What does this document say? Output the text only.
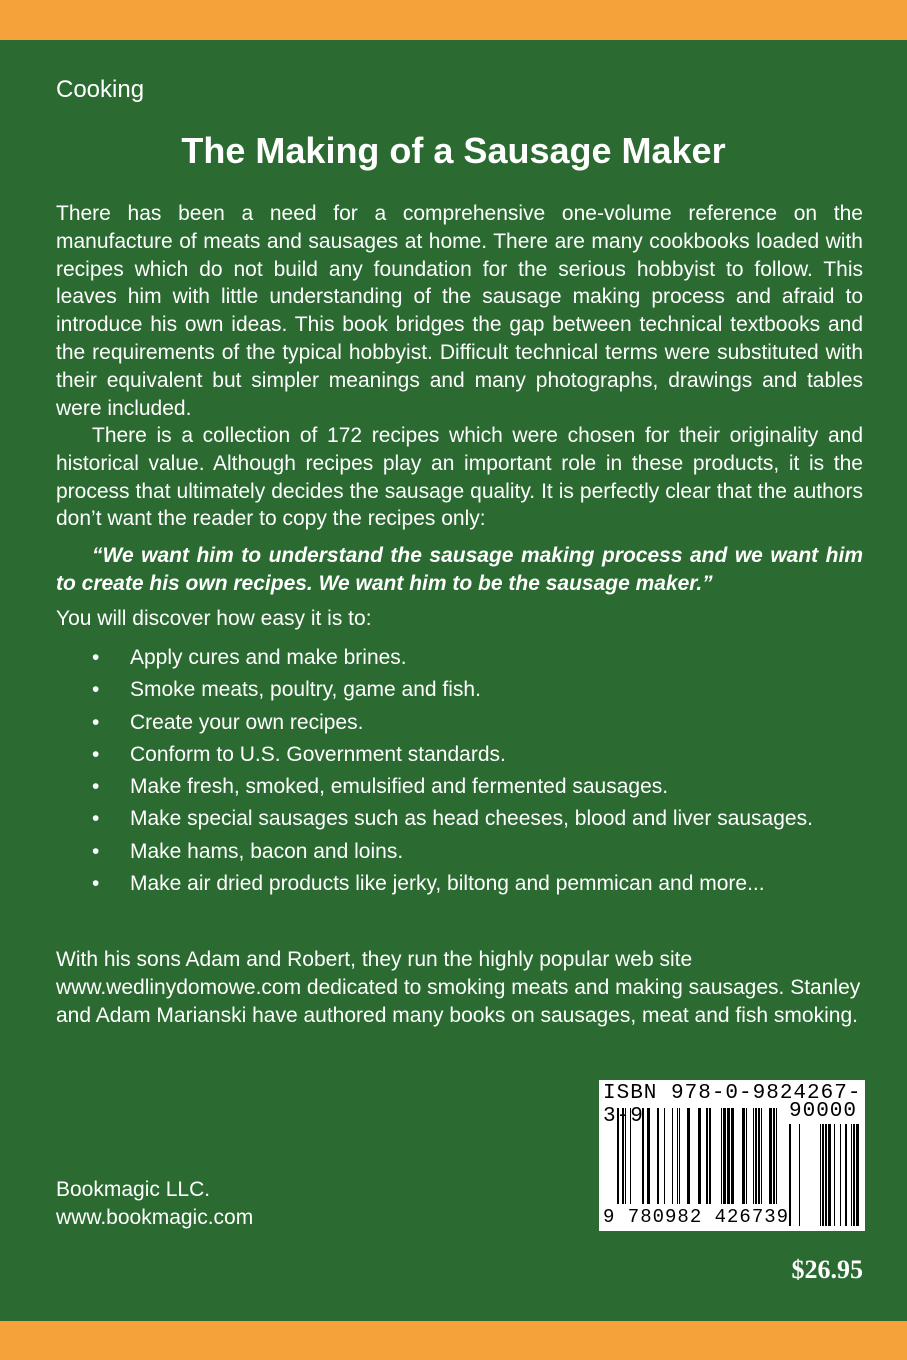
Cooking
The Making of a Sausage Maker

There has been a need for a comprehensive one-volume reference on the manufacture of meats and sausages at home. There are many cookbooks loaded with recipes which do not build any foundation for the serious hobbyist to follow. This leaves him with little understanding of the sausage making process and afraid to introduce his own ideas. This book bridges the gap between technical textbooks and the requirements of the typical hobbyist. Difficult technical terms were substituted with their equivalent but simpler meanings and many photographs, drawings and tables were included.

There is a collection of 172 recipes which were chosen for their originality and historical value. Although recipes play an important role in these products, it is the process that ultimately decides the sausage quality. It is perfectly clear that the authors don’t want the reader to copy the recipes only:

“We want him to understand the sausage making process and we want him to create his own recipes. We want him to be the sausage maker.”

You will discover how easy it is to:
• Apply cures and make brines.
• Smoke meats, poultry, game and fish.
• Create your own recipes.
• Conform to U.S. Government standards.
• Make fresh, smoked, emulsified and fermented sausages.
• Make special sausages such as head cheeses, blood and liver sausages.
• Make hams, bacon and loins.
• Make air dried products like jerky, biltong and pemmican and more...

With his sons Adam and Robert, they run the highly popular web site www.wedlinydomowe.com dedicated to smoking meats and making sausages. Stanley and Adam Marianski have authored many books on sausages, meat and fish smoking.

Bookmagic LLC.
www.bookmagic.com
ISBN 978-0-9824267-3-9	90000
9 780982 426739
$26.95
